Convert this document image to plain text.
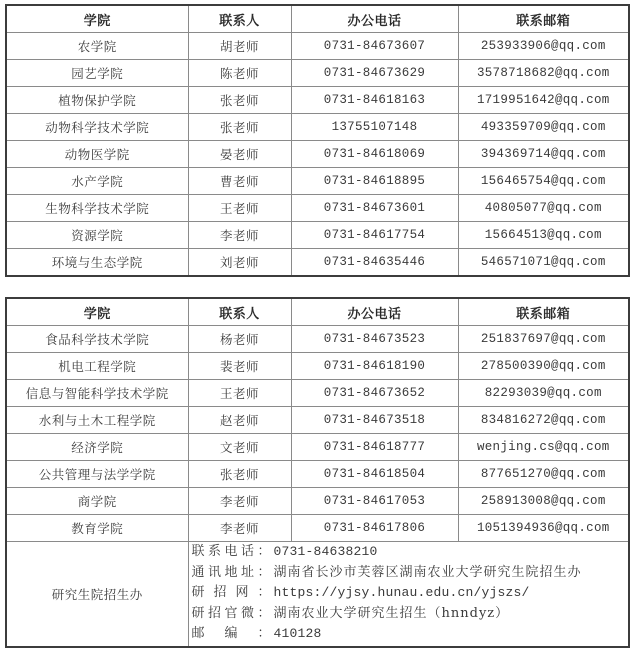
学院	联系人	办公电话	联系邮箱
农学院	胡老师	0731-84673607	253933906@qq.com
园艺学院	陈老师	0731-84673629	3578718682@qq.com
植物保护学院	张老师	0731-84618163	1719951642@qq.com
动物科学技术学院	张老师	13755107148	493359709@qq.com
动物医学院	晏老师	0731-84618069	394369714@qq.com
水产学院	曹老师	0731-84618895	156465754@qq.com
生物科学技术学院	王老师	0731-84673601	40805077@qq.com
资源学院	李老师	0731-84617754	15664513@qq.com
环境与生态学院	刘老师	0731-84635446	546571071@qq.com
学院	联系人	办公电话	联系邮箱
食品科学技术学院	杨老师	0731-84673523	251837697@qq.com
机电工程学院	裴老师	0731-84618190	278500390@qq.com
信息与智能科学技术学院	王老师	0731-84673652	82293039@qq.com
水利与土木工程学院	赵老师	0731-84673518	834816272@qq.com
经济学院	文老师	0731-84618777	wenjing.cs@qq.com
公共管理与法学学院	张老师	0731-84618504	877651270@qq.com
商学院	李老师	0731-84617053	258913008@qq.com
教育学院	李老师	0731-84617806	1051394936@qq.com
研究生院招生办	
联 系 电 话 ： 0731-84638210
通 讯 地 址 ： 湖南省长沙市芙蓉区湖南农业大学研究生院招生办
研 招 网 ： https://yjsy.hunau.edu.cn/yjszs/
研 招 官 微 ： 湖南农业大学研究生招生（hnndyz）
邮 编 ： 410128
